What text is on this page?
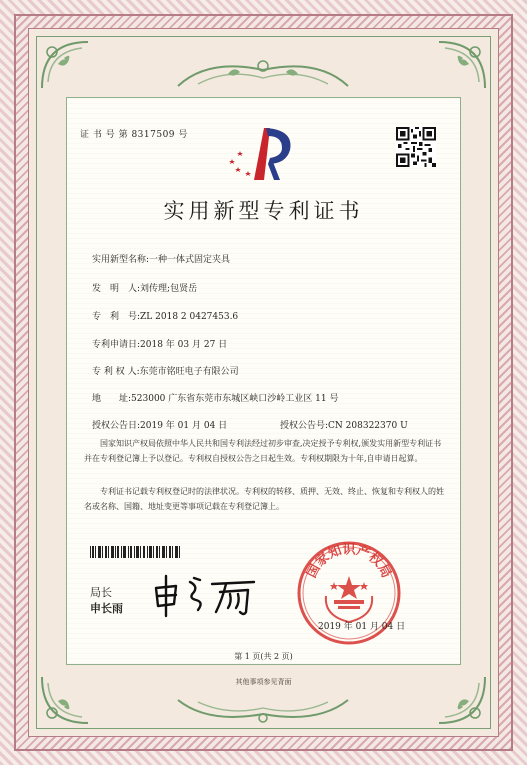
证 书 号 第 8317509 号
实用新型专利证书
实用新型名称:一种一体式固定夹具
发　明　人:刘传理;包贤岳
专　利　号:ZL 2018 2 0427453.6
专利申请日:2018 年 03 月 27 日
专 利 权 人:东莞市铭旺电子有限公司
地　　址:523000 广东省东莞市东城区峡口沙岭工业区 11 号
授权公告日:2019 年 01 月 04 日	授权公告号:CN 208322370 U
国家知识产权局依照中华人民共和国专利法经过初步审查,决定授予专利权,颁发实用新型专利证书并在专利登记簿上予以登记。专利权自授权公告之日起生效。专利权期限为十年,自申请日起算。
专利证书记载专利权登记时的法律状况。专利权的转移、质押、无效、终止、恢复和专利权人的姓名或名称、国籍、地址变更等事项记载在专利登记簿上。
局长
申长雨
国家知识产权局
2019 年 01 月 04 日
第 1 页(共 2 页)
其他事项参见背面
